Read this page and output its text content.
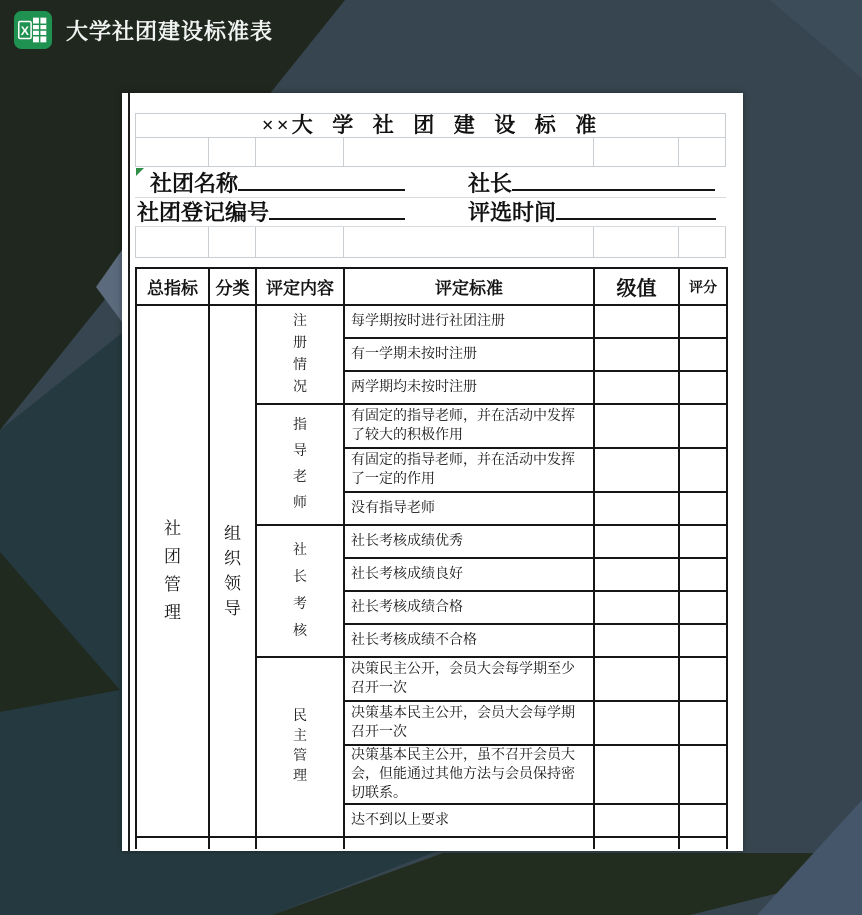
X 大学社团建设标准表
××大  学  社  团  建  设  标  准
社团名称	社长
社团登记编号	评选时间
总指标	分类	评定内容	评定标准	级值	评分

社团管理	组织领导	注册情况	每学期按时进行社团注册		
			有一学期未按时注册		
			两学期均未按时注册		

		指导老师	有固定的指导老师，并在活动中发挥了较大的积极作用		
			有固定的指导老师，并在活动中发挥了一定的作用		
			没有指导老师		

		社长考核	社长考核成绩优秀		
			社长考核成绩良好		
			社长考核成绩合格		
			社长考核成绩不合格		

		民主管理	决策民主公开，会员大会每学期至少召开一次		
			决策基本民主公开，会员大会每学期召开一次		
			决策基本民主公开，虽不召开会员大会，但能通过其他方法与会员保持密切联系。		
			达不到以上要求		
